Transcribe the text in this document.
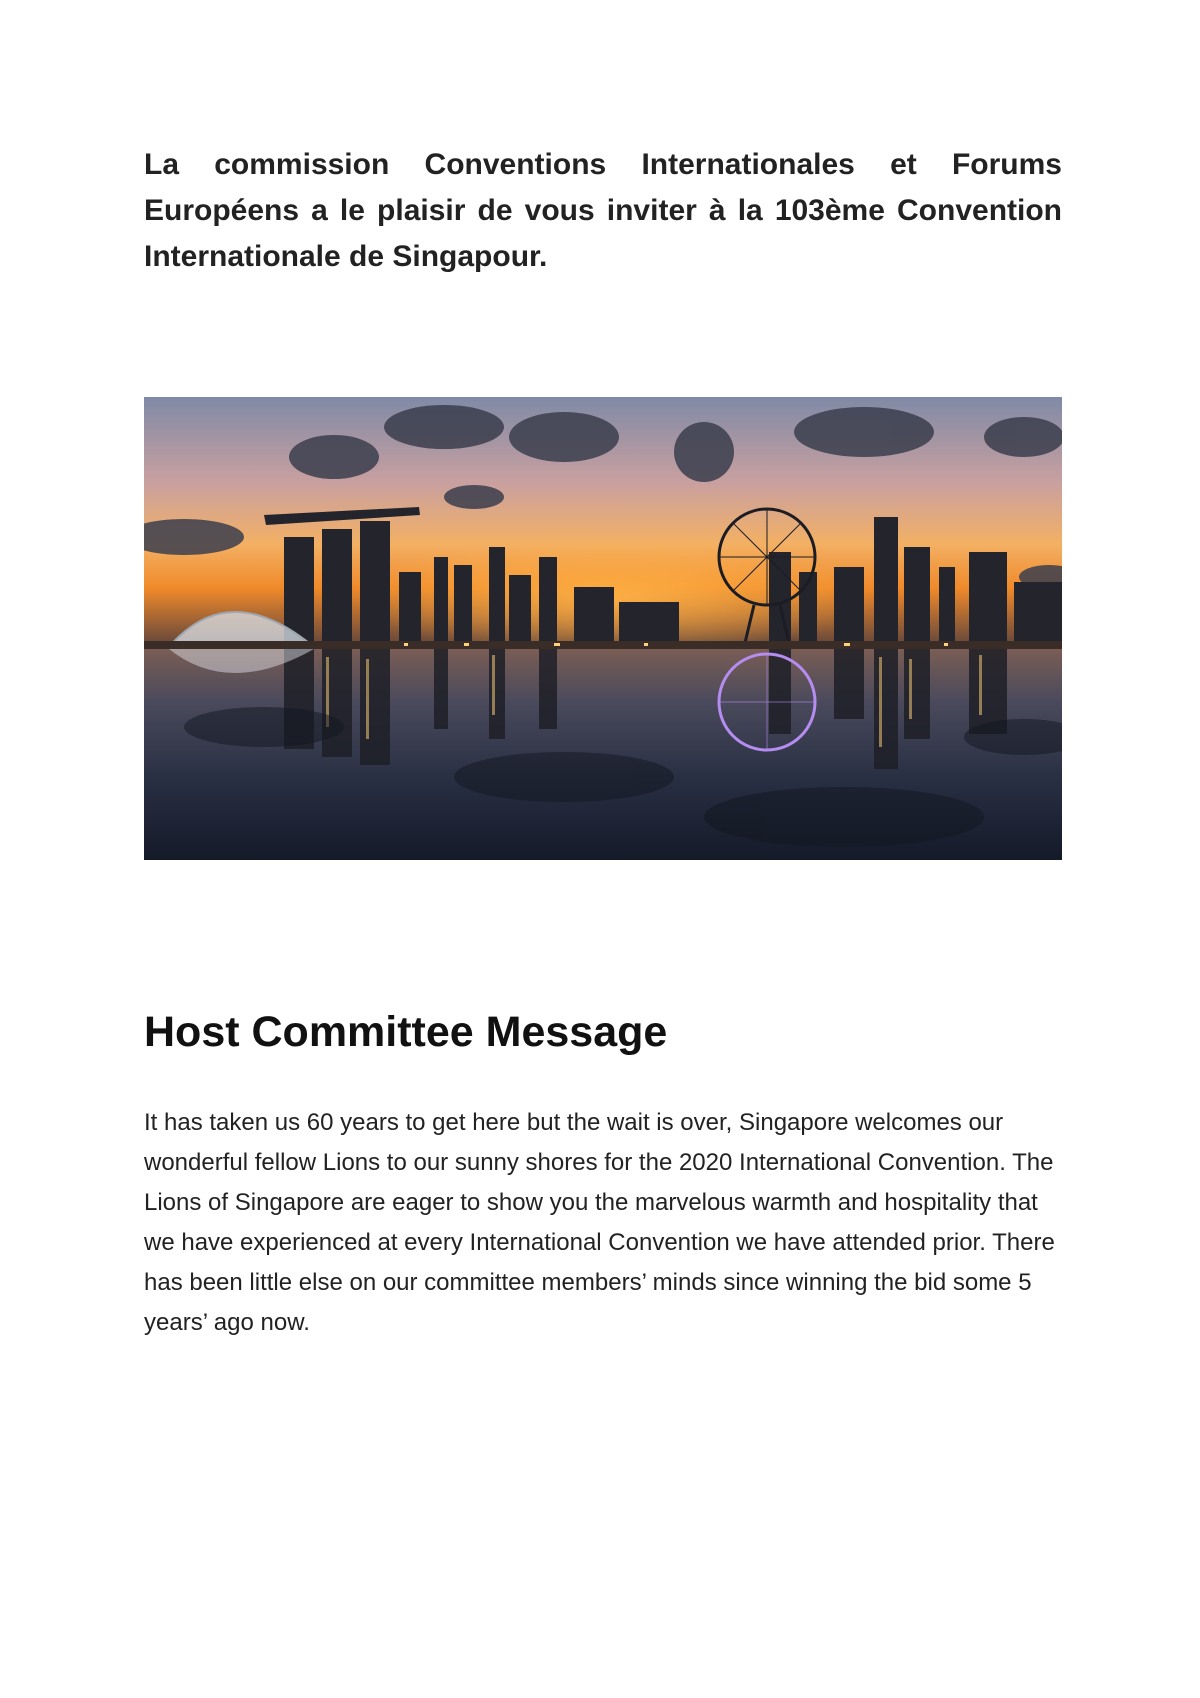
La commission Conventions Internationales et Forums Européens a le plaisir de vous inviter à la 103ème Convention Internationale de Singapour.

Host Committee Message

It has taken us 60 years to get here but the wait is over, Singapore welcomes our wonderful fellow Lions to our sunny shores for the 2020 International Convention. The Lions of Singapore are eager to show you the marvelous warmth and hospitality that we have experienced at every International Convention we have attended prior. There has been little else on our committee members’ minds since winning the bid some 5 years’ ago now.
